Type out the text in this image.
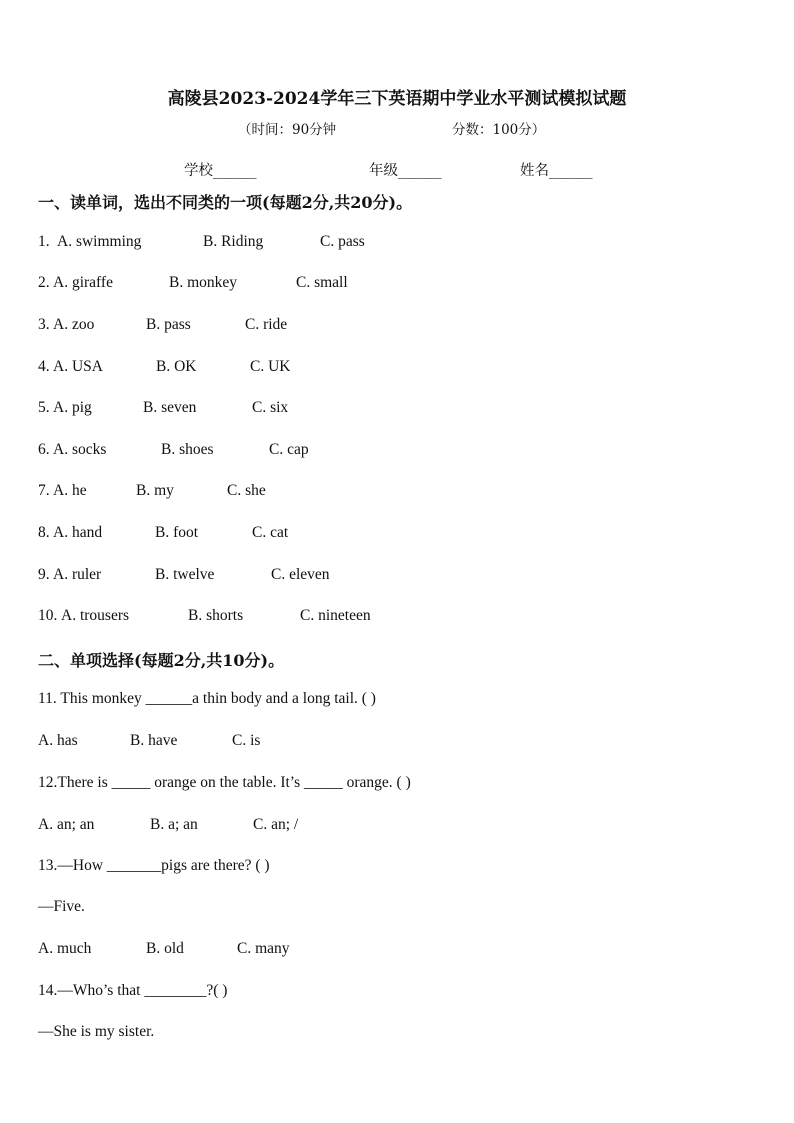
高陵县2023-2024学年三下英语期中学业水平测试模拟试题
（时间：90分钟	分数：100分）
学校______	年级______	姓名______
一、读单词，选出不同类的一项(每题2分,共20分)。
1. A. swimming	B. Riding	C. pass
2. A. giraffe	B. monkey	C. small
3. A. zoo	B. pass	C. ride
4. A. USA	B. OK	C. UK
5. A. pig	B. seven	C. six
6. A. socks	B. shoes	C. cap
7. A. he	B. my	C. she
8. A. hand	B. foot	C. cat
9. A. ruler	B. twelve	C. eleven
10. A. trousers	B. shorts	C. nineteen
二、单项选择(每题2分,共10分)。
11. This monkey ______a thin body and a long tail. ( )
A. has	B. have	C. is
12.There is _____ orange on the table. It’s _____ orange. ( )
A. an; an	B. a; an	C. an; /
13.—How _______pigs are there? ( )
—Five.
A. much	B. old	C. many
14.—Who’s that ________?( )
—She is my sister.
